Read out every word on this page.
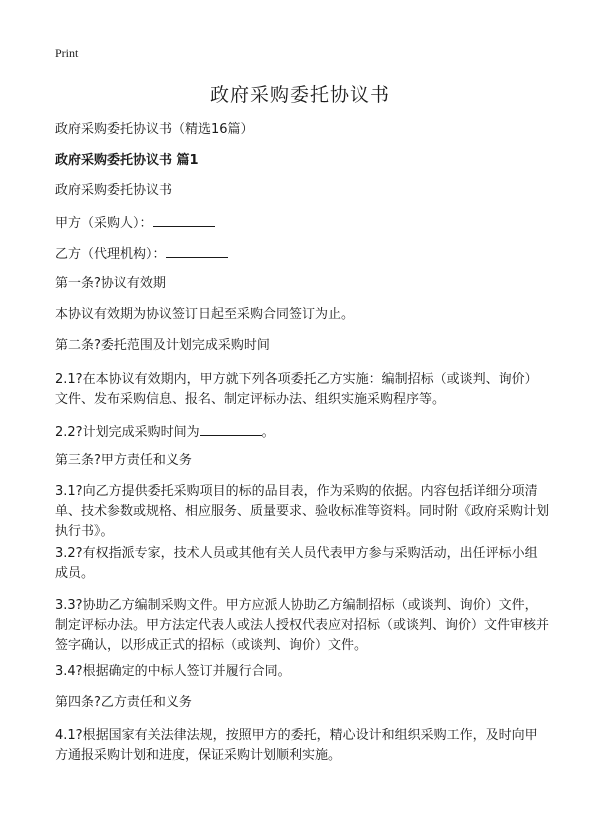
Print
政府采购委托协议书
政府采购委托协议书（精选16篇）
政府采购委托协议书 篇1
政府采购委托协议书
甲方（采购人）：
乙方（代理机构）：
第一条?协议有效期
本协议有效期为协议签订日起至采购合同签订为止。
第二条?委托范围及计划完成采购时间
2.1?在本协议有效期内，甲方就下列各项委托乙方实施：编制招标（或谈判、询价）文件、发布采购信息、报名、制定评标办法、组织实施采购程序等。
2.2?计划完成采购时间为	。
第三条?甲方责任和义务
3.1?向乙方提供委托采购项目的标的品目表，作为采购的依据。内容包括详细分项清单、技术参数或规格、相应服务、质量要求、验收标准等资料。同时附《政府采购计划执行书》。
3.2?有权指派专家，技术人员或其他有关人员代表甲方参与采购活动，出任评标小组成员。
3.3?协助乙方编制采购文件。甲方应派人协助乙方编制招标（或谈判、询价）文件，制定评标办法。甲方法定代表人或法人授权代表应对招标（或谈判、询价）文件审核并签字确认，以形成正式的招标（或谈判、询价）文件。
3.4?根据确定的中标人签订并履行合同。
第四条?乙方责任和义务
4.1?根据国家有关法律法规，按照甲方的委托，精心设计和组织采购工作，及时向甲方通报采购计划和进度，保证采购计划顺利实施。
